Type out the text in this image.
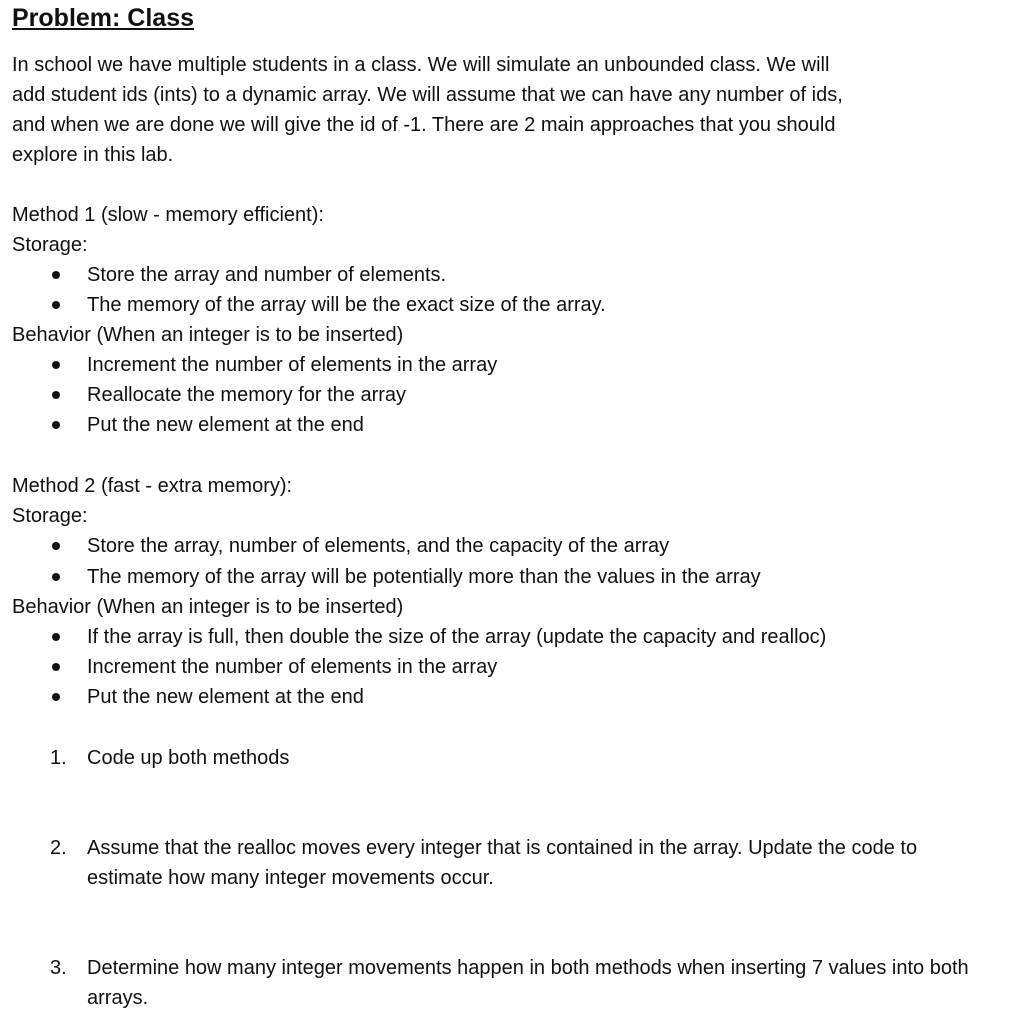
Problem: Class

In school we have multiple students in a class. We will simulate an unbounded class. We will

add student ids (ints) to a dynamic array. We will assume that we can have any number of ids,

and when we are done we will give the id of -1. There are 2 main approaches that you should

explore in this lab.

Method 1 (slow - memory efficient):

Storage:

Store the array and number of elements.
The memory of the array will be the exact size of the array.

Behavior (When an integer is to be inserted)

Increment the number of elements in the array
Reallocate the memory for the array
Put the new element at the end

Method 2 (fast - extra memory):

Storage:

Store the array, number of elements, and the capacity of the array
The memory of the array will be potentially more than the values in the array

Behavior (When an integer is to be inserted)

If the array is full, then double the size of the array (update the capacity and realloc)
Increment the number of elements in the array
Put the new element at the end
1. Code up both methods
2. Assume that the realloc moves every integer that is contained in the array. Update the code to estimate how many integer movements occur.
3. Determine how many integer movements happen in both methods when inserting 7 values into both arrays.
